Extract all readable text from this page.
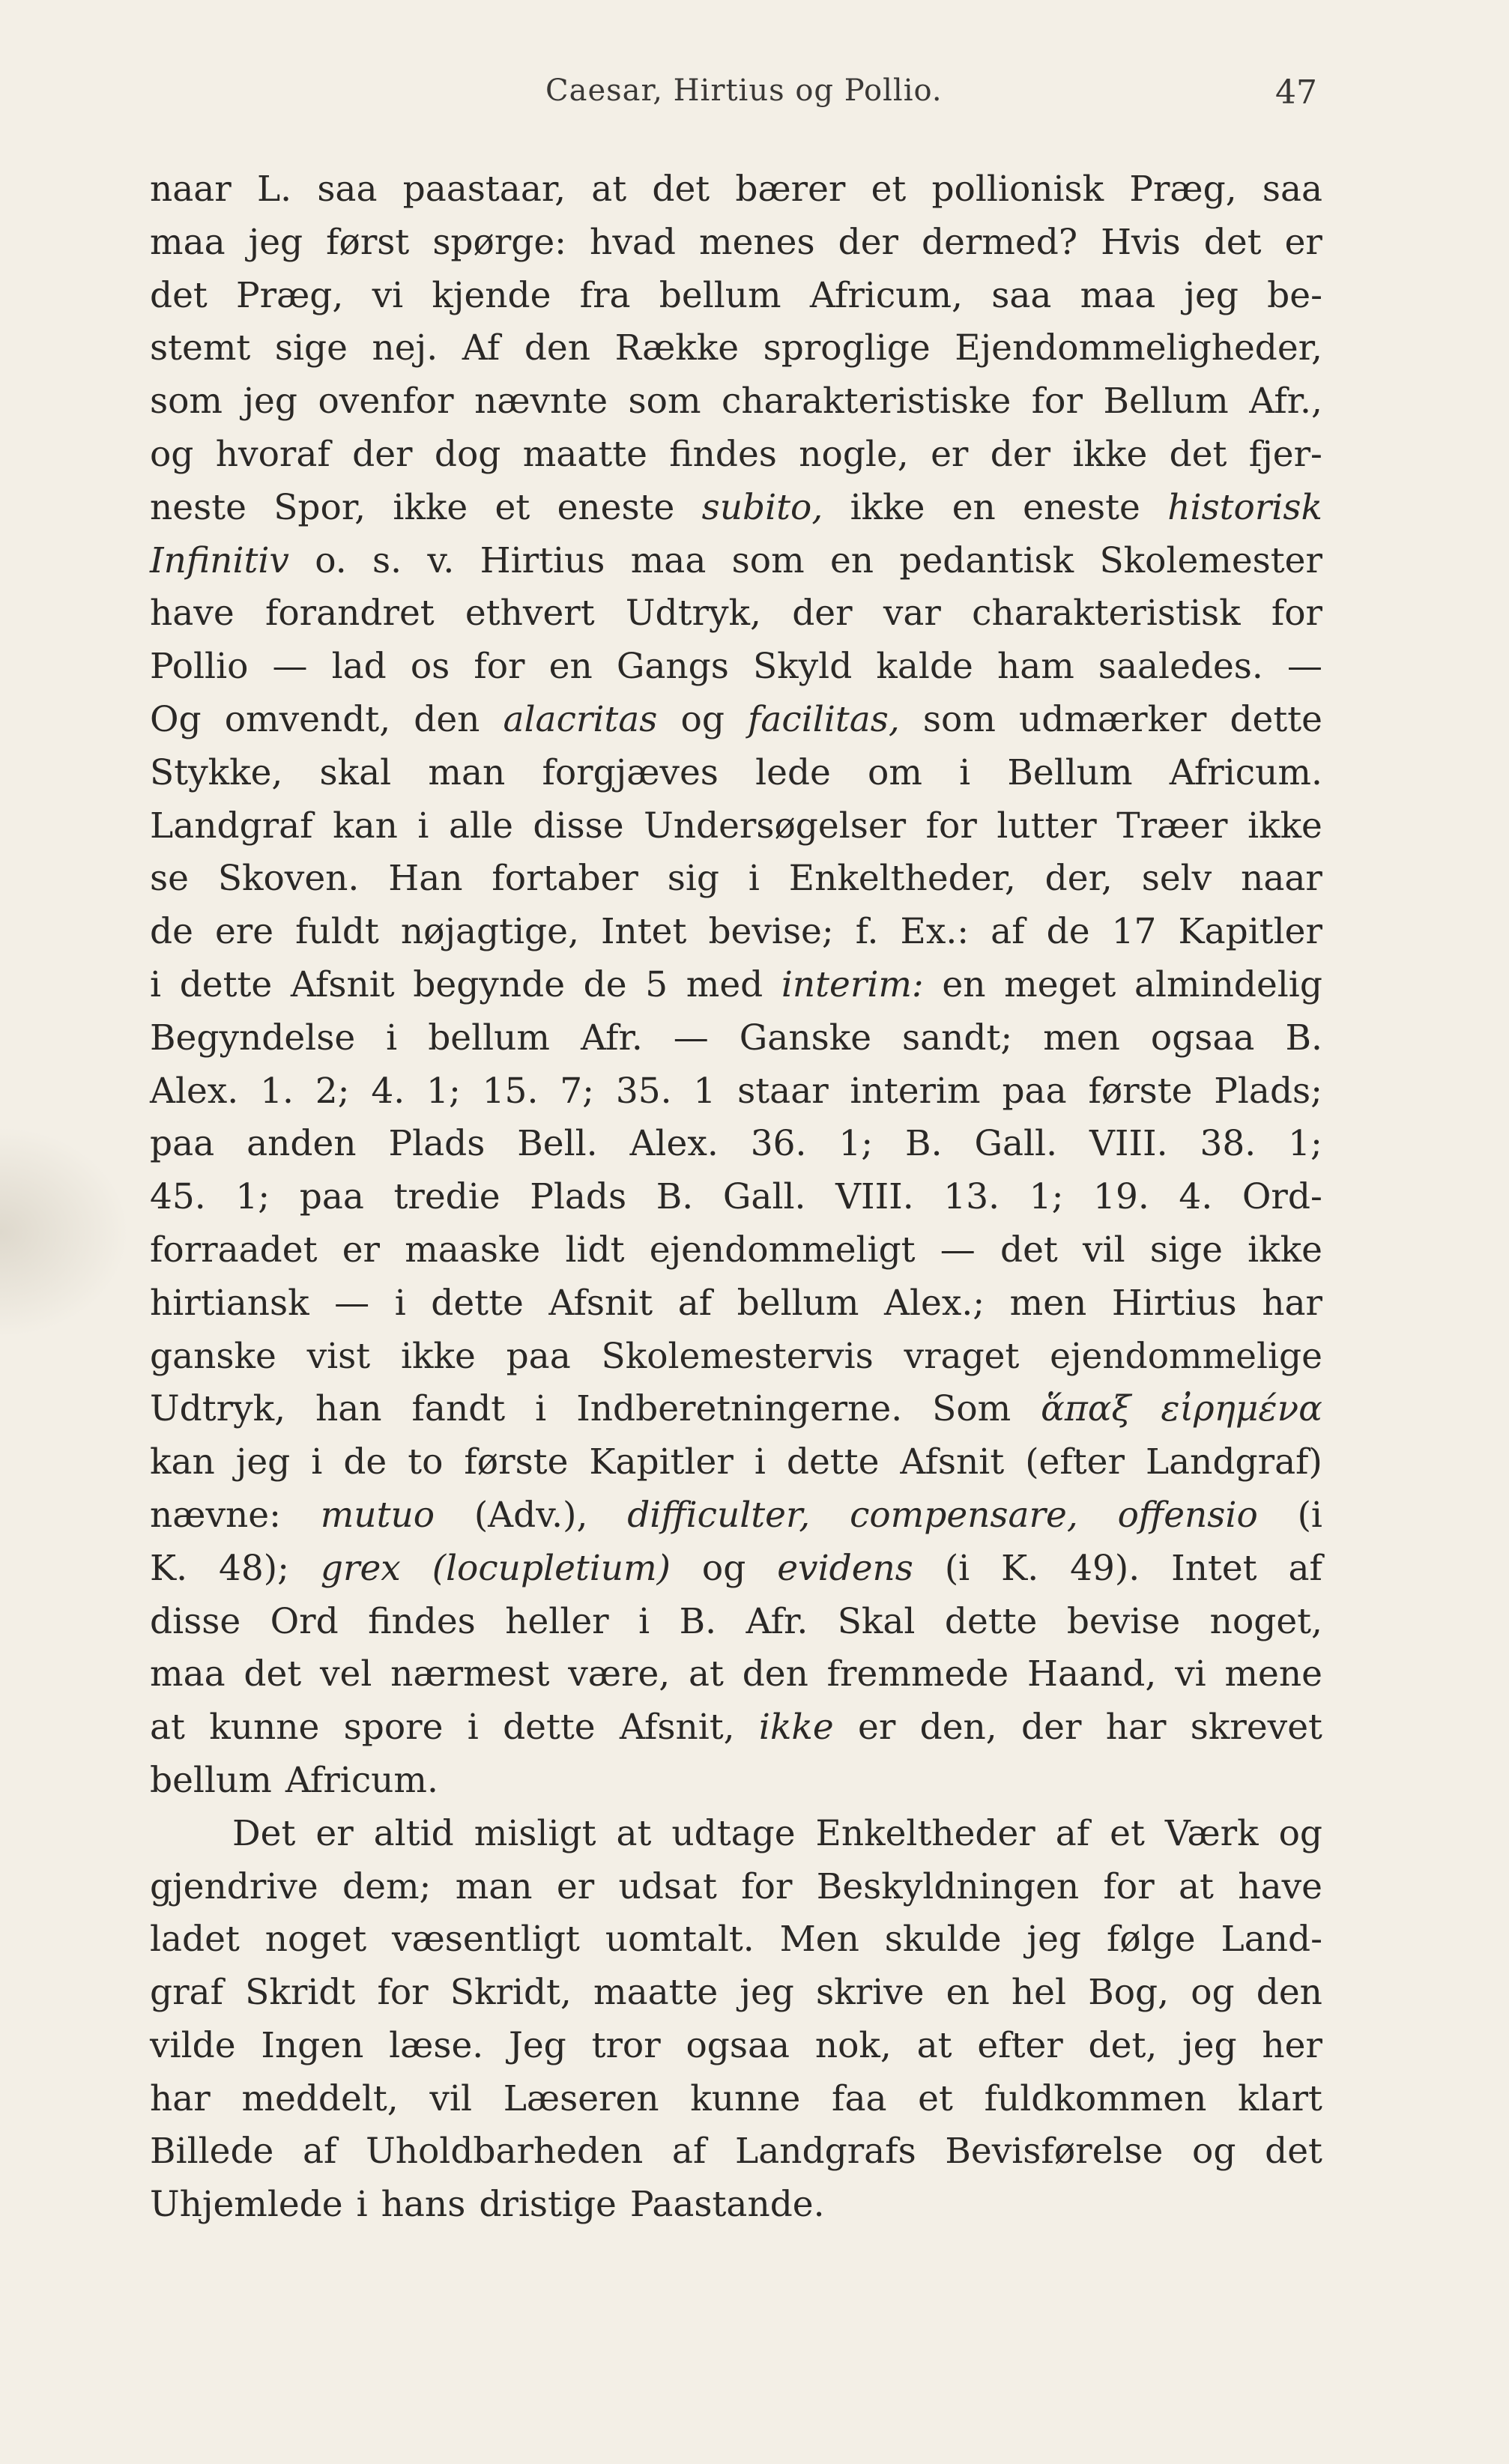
Caesar, Hirtius og Pollio.	47
naar L. saa paastaar, at det bærer et pollionisk Præg, saa
maa jeg først spørge: hvad menes der dermed? Hvis det er
det Præg, vi kjende fra bellum Africum, saa maa jeg be-
stemt sige nej. Af den Række sproglige Ejendommeligheder,
som jeg ovenfor nævnte som charakteristiske for Bellum Afr.,
og hvoraf der dog maatte findes nogle, er der ikke det fjer-
neste Spor, ikke et eneste subito, ikke en eneste historisk
Infinitiv o. s. v. Hirtius maa som en pedantisk Skolemester
have forandret ethvert Udtryk, der var charakteristisk for
Pollio — lad os for en Gangs Skyld kalde ham saaledes. —
Og omvendt, den alacritas og facilitas, som udmærker dette
Stykke, skal man forgjæves lede om i Bellum Africum.
Landgraf kan i alle disse Undersøgelser for lutter Træer ikke
se Skoven. Han fortaber sig i Enkeltheder, der, selv naar
de ere fuldt nøjagtige, Intet bevise; f. Ex.: af de 17 Kapitler
i dette Afsnit begynde de 5 med interim: en meget almindelig
Begyndelse i bellum Afr. — Ganske sandt; men ogsaa B.
Alex. 1. 2; 4. 1; 15. 7; 35. 1 staar interim paa første Plads;
paa anden Plads Bell. Alex. 36. 1; B. Gall. VIII. 38. 1;
45. 1; paa tredie Plads B. Gall. VIII. 13. 1; 19. 4. Ord-
forraadet er maaske lidt ejendommeligt — det vil sige ikke
hirtiansk — i dette Afsnit af bellum Alex.; men Hirtius har
ganske vist ikke paa Skolemestervis vraget ejendommelige
Udtryk, han fandt i Indberetningerne. Som ἅπαξ εἰρημένα
kan jeg i de to første Kapitler i dette Afsnit (efter Landgraf)
nævne: mutuo (Adv.), difficulter, compensare, offensio (i
K. 48); grex (locupletium) og evidens (i K. 49). Intet af
disse Ord findes heller i B. Afr. Skal dette bevise noget,
maa det vel nærmest være, at den fremmede Haand, vi mene
at kunne spore i dette Afsnit, ikke er den, der har skrevet
bellum Africum.
Det er altid misligt at udtage Enkeltheder af et Værk og
gjendrive dem; man er udsat for Beskyldningen for at have
ladet noget væsentligt uomtalt. Men skulde jeg følge Land-
graf Skridt for Skridt, maatte jeg skrive en hel Bog, og den
vilde Ingen læse. Jeg tror ogsaa nok, at efter det, jeg her
har meddelt, vil Læseren kunne faa et fuldkommen klart
Billede af Uholdbarheden af Landgrafs Bevisførelse og det
Uhjemlede i hans dristige Paastande.
